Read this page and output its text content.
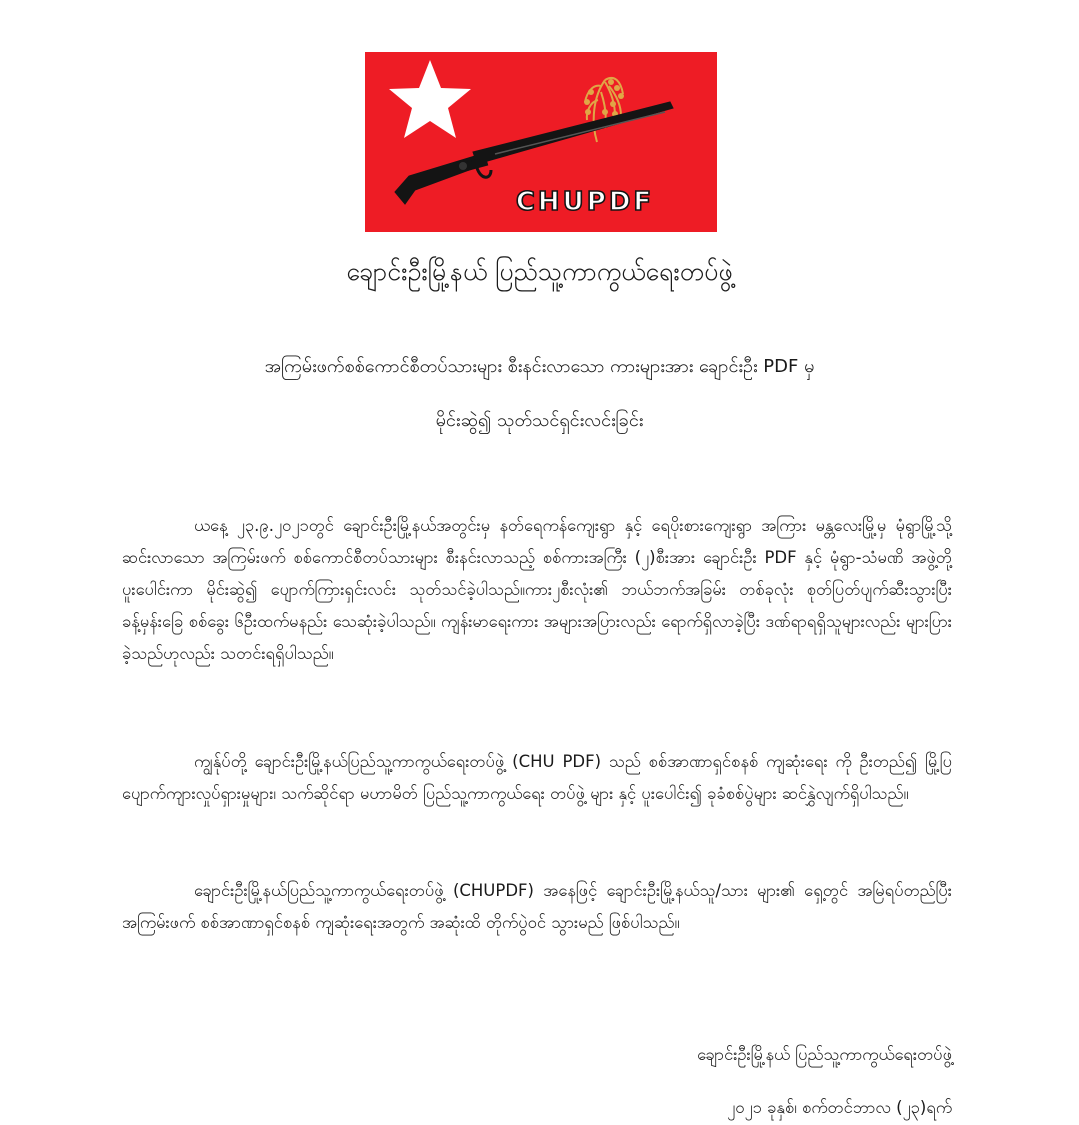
CHUPDF
ချောင်းဦးမြို့နယ် ပြည်သူ့ကာကွယ်ရေးတပ်ဖွဲ့
အကြမ်းဖက်စစ်ကောင်စီတပ်သားများ စီးနင်းလာသော ကားများအား ချောင်းဦး PDF မှ
မိုင်းဆွဲ၍ သုတ်သင်ရှင်းလင်းခြင်း

ယနေ့ ၂၃.၉.၂၀၂၁တွင် ချောင်းဦးမြို့နယ်အတွင်းမှ နတ်ရေကန်ကျေးရွာ နှင့် ရေပိုးစားကျေးရွာ အကြား မန္တလေးမြို့မှ မုံရွာမြို့သို့ ဆင်းလာသော အကြမ်းဖက် စစ်ကောင်စီတပ်သားများ စီးနင်းလာသည့် စစ်ကားအကြီး (၂)စီးအား ချောင်းဦး PDF နှင့် မုံရွာ-သံမဏိ အဖွဲ့တို့ပူးပေါင်းကာ မိုင်းဆွဲ၍ ပျောက်ကြားရှင်းလင်း သုတ်သင်ခဲ့ပါသည်။ကား၂စီးလုံး၏ ဘယ်ဘက်အခြမ်း တစ်ခုလုံး စုတ်ပြတ်ပျက်ဆီးသွားပြီး ခန့်မှန်းခြေ စစ်ခွေး ၆ဦးထက်မနည်း သေဆုံးခဲ့ပါသည်။ ကျန်းမာရေးကား အများအပြားလည်း ရောက်ရှိလာခဲ့ပြီး ဒဏ်ရာရရှိသူများလည်း များပြားခဲ့သည်ဟုလည်း သတင်းရရှိပါသည်။

ကျွန်ုပ်တို့ ချောင်းဦးမြို့နယ်ပြည်သူ့ကာကွယ်ရေးတပ်ဖွဲ့ (CHU PDF) သည် စစ်အာဏာရှင်စနစ် ကျဆုံးရေး ကို ဦးတည်၍ မြို့ပြ ပျောက်ကျားလှုပ်ရှားမှုများ၊ သက်ဆိုင်ရာ မဟာမိတ် ပြည်သူ့ကာကွယ်ရေး တပ်ဖွဲ့ များ နှင့် ပူးပေါင်း၍ ခုခံစစ်ပွဲများ ဆင်နွှဲလျက်ရှိပါသည်။

ချောင်းဦးမြို့နယ်ပြည်သူ့ကာကွယ်ရေးတပ်ဖွဲ့ (CHUPDF) အနေဖြင့် ချောင်းဦးမြို့နယ်သူ/သား များ၏ ရှေ့တွင် အမြဲရပ်တည်ပြီး အကြမ်းဖက် စစ်အာဏာရှင်စနစ် ကျဆုံးရေးအတွက် အဆုံးထိ တိုက်ပွဲဝင် သွားမည် ဖြစ်ပါသည်။

ချောင်းဦးမြို့နယ် ပြည်သူ့ကာကွယ်ရေးတပ်ဖွဲ့
၂၀၂၁ ခုနှစ်၊ စက်တင်ဘာလ (၂၃)ရက်
